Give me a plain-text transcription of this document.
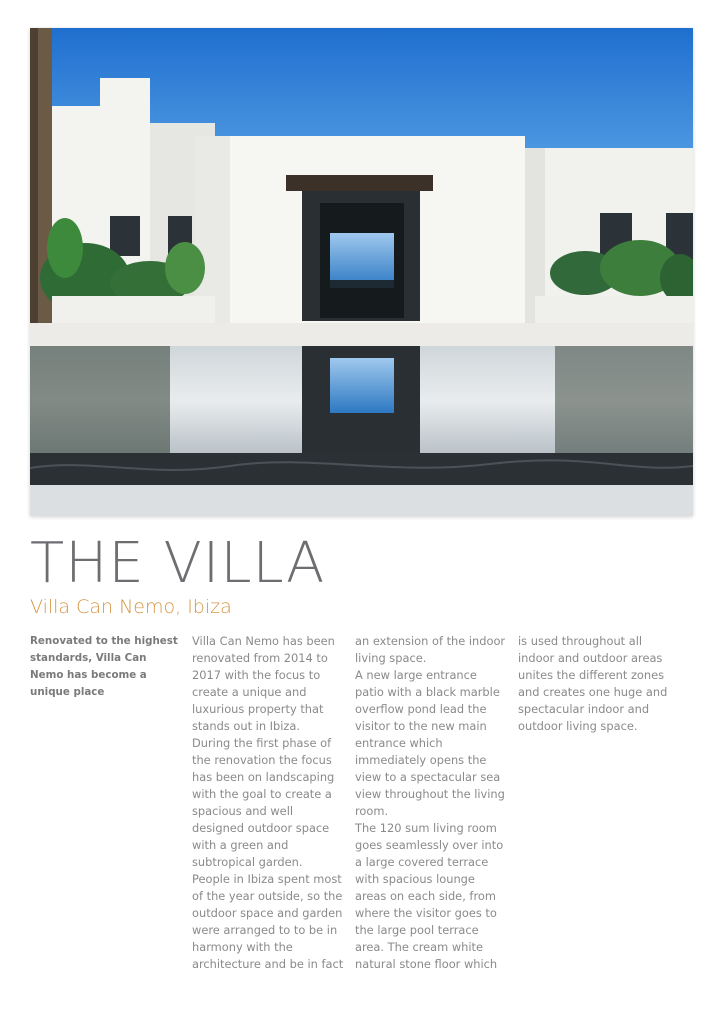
THE VILLA
Villa Can Nemo, Ibiza
Renovated to the highest standards, Villa Can Nemo has become a unique place

Villa Can Nemo has been renovated from 2014 to 2017 with the focus to create a unique and luxurious property that stands out in Ibiza.

During the first phase of the renovation the focus has been on landscaping with the goal to create a spacious and well designed outdoor space with a green and subtropical garden.

People in Ibiza spent most of the year outside, so the outdoor space and garden were arranged to to be in harmony with the architecture and be in fact

an extension of the indoor living space.

A new large entrance patio with a black marble overflow pond lead the visitor to the new main entrance which immediately opens the view to a spectacular sea view throughout the living room.

The 120 sum living room goes seamlessly over into a large covered terrace with spacious lounge areas on each side, from where the visitor goes to the large pool terrace area. The cream white natural stone floor which

is used throughout all indoor and outdoor areas unites the different zones and creates one huge and spectacular indoor and outdoor living space.
